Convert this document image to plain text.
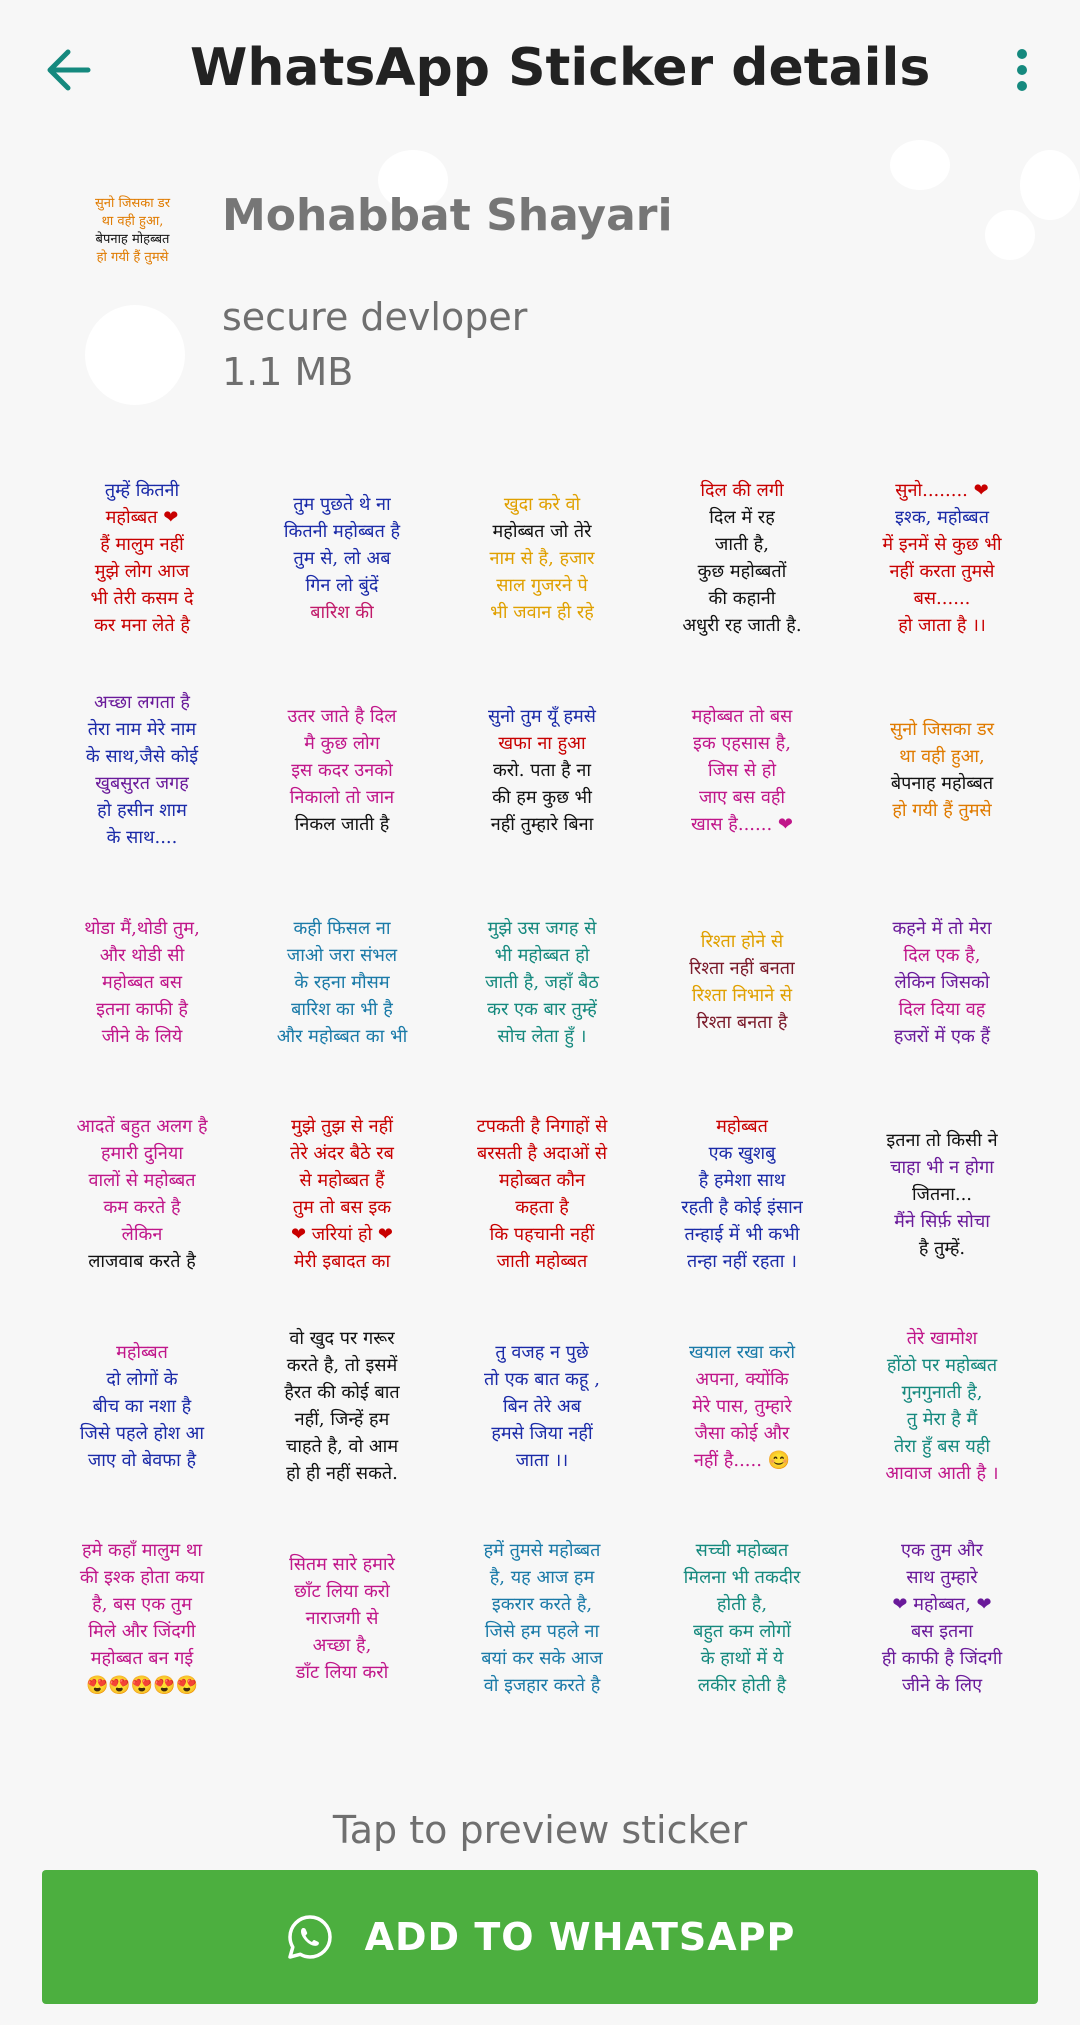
WhatsApp Sticker details
सुनो जिसका डर
था वही हुआ,
बेपनाह मोहब्बत
हो गयी हैं तुमसे
Mohabbat Shayari
secure devloper
1.1 MB
तुम्हें कितनी
महोब्बत ❤
हैं मालुम नहीं
मुझे लोग आज
भी तेरी कसम दे
कर मना लेते है
तुम पुछते थे ना
कितनी महोब्बत है
तुम से, लो अब
गिन लो बुंदें
बारिश की
खुदा करे वो
महोब्बत जो तेरे
नाम से है, हजार
साल गुजरने पे
भी जवान ही रहे
दिल की लगी
दिल में रह
जाती है,
कुछ महोब्बतों
की कहानी
अधुरी रह जाती है.
सुनो........ ❤
इश्क, महोब्बत
में इनमें से कुछ भी
नहीं करता तुमसे
बस......
हो जाता है ।।
अच्छा लगता है
तेरा नाम मेरे नाम
के साथ,जैसे कोई
खुबसुरत जगह
हो हसीन शाम
के साथ....
उतर जाते है दिल
मै कुछ लोग
इस कदर उनको
निकालो तो जान
निकल जाती है
सुनो तुम यूँ हमसे
खफा ना हुआ
करो. पता है ना
की हम कुछ भी
नहीं तुम्हारे बिना
महोब्बत तो बस
इक एहसास है,
जिस से हो
जाए बस वही
खास है...... ❤
सुनो जिसका डर
था वही हुआ,
बेपनाह महोब्बत
हो गयी हैं तुमसे
थोडा मैं,थोडी तुम,
और थोडी सी
महोब्बत बस
इतना काफी है
जीने के लिये
कही फिसल ना
जाओ जरा संभल
के रहना मौसम
बारिश का भी है
और महोब्बत का भी
मुझे उस जगह से
भी महोब्बत हो
जाती है, जहाँ बैठ
कर एक बार तुम्हें
सोच लेता हुँ ।
रिश्ता होने से
रिश्ता नहीं बनता
रिश्ता निभाने से
रिश्ता बनता है
कहने में तो मेरा
दिल एक है,
लेकिन जिसको
दिल दिया वह
हजरों में एक हैं
आदतें बहुत अलग है
हमारी दुनिया
वालों से महोब्बत
कम करते है
लेकिन
लाजवाब करते है
मुझे तुझ से नहीं
तेरे अंदर बैठे रब
से महोब्बत हैं
तुम तो बस इक
❤ जरियां हो ❤
मेरी इबादत का
टपकती है निगाहों से
बरसती है अदाओं से
महोब्बत कौन
कहता है
कि पहचानी नहीं
जाती महोब्बत
महोब्बत
एक खुशबु
है हमेशा साथ
रहती है कोई इंसान
तन्हाई में भी कभी
तन्हा नहीं रहता ।
इतना तो किसी ने
चाहा भी न होगा
जितना...
मैंने सिर्फ़ सोचा
है तुम्हें.
महोब्बत
दो लोगों के
बीच का नशा है
जिसे पहले होश आ
जाए वो बेवफा है
वो खुद पर गरूर
करते है, तो इसमें
हैरत की कोई बात
नहीं, जिन्हें हम
चाहते है, वो आम
हो ही नहीं सकते.
तु वजह न पुछे
तो एक बात कहू ,
बिन तेरे अब
हमसे जिया नहीं
जाता ।।
खयाल रखा करो
अपना, क्योंकि
मेरे पास, तुम्हारे
जैसा कोई और
नहीं है..... 😊
तेरे खामोश
होंठो पर महोब्बत
गुनगुनाती है,
तु मेरा है मैं
तेरा हुँ बस यही
आवाज आती है ।
हमे कहाँ मालुम था
की इश्क होता कया
है, बस एक तुम
मिले और जिंदगी
महोब्बत बन गई
😍😍😍😍😍
सितम सारे हमारे
छाँट लिया करो
नाराजगी से
अच्छा है,
डाँट लिया करो
हमें तुमसे महोब्बत
है, यह आज हम
इकरार करते है,
जिसे हम पहले ना
बयां कर सके आज
वो इजहार करते है
सच्ची महोब्बत
मिलना भी तकदीर
होती है,
बहुत कम लोगों
के हाथों में ये
लकीर होती है
एक तुम और
साथ तुम्हारे
❤ महोब्बत, ❤
बस इतना
ही काफी है जिंदगी
जीने के लिए
Tap to preview sticker
ADD TO WHATSAPP
